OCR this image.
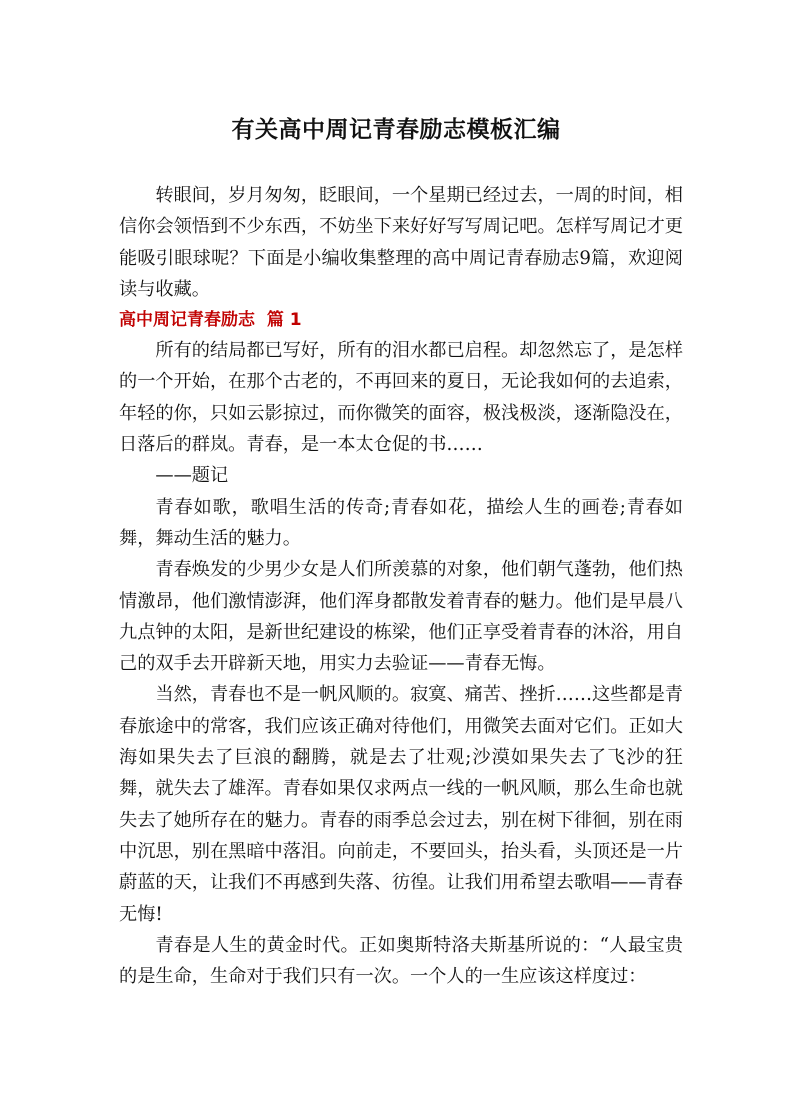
有关高中周记青春励志模板汇编

转眼间，岁月匆匆，眨眼间，一个星期已经过去，一周的时间，相信你会领悟到不少东西，不妨坐下来好好写写周记吧。怎样写周记才更能吸引眼球呢？下面是小编收集整理的高中周记青春励志9篇，欢迎阅读与收藏。

高中周记青春励志  篇 1

所有的结局都已写好，所有的泪水都已启程。却忽然忘了，是怎样的一个开始，在那个古老的，不再回来的夏日，无论我如何的去追索，年轻的你，只如云影掠过，而你微笑的面容，极浅极淡，逐渐隐没在，日落后的群岚。青春，是一本太仓促的书……

——题记

青春如歌，歌唱生活的传奇;青春如花，描绘人生的画卷;青春如舞，舞动生活的魅力。

青春焕发的少男少女是人们所羡慕的对象，他们朝气蓬勃，他们热情激昂，他们激情澎湃，他们浑身都散发着青春的魅力。他们是早晨八九点钟的太阳，是新世纪建设的栋梁，他们正享受着青春的沐浴，用自己的双手去开辟新天地，用实力去验证——青春无悔。

当然，青春也不是一帆风顺的。寂寞、痛苦、挫折……这些都是青春旅途中的常客，我们应该正确对待他们，用微笑去面对它们。正如大海如果失去了巨浪的翻腾，就是去了壮观;沙漠如果失去了飞沙的狂舞，就失去了雄浑。青春如果仅求两点一线的一帆风顺，那么生命也就失去了她所存在的魅力。青春的雨季总会过去，别在树下徘徊，别在雨中沉思，别在黑暗中落泪。向前走，不要回头，抬头看，头顶还是一片蔚蓝的天，让我们不再感到失落、彷徨。让我们用希望去歌唱——青春无悔!

青春是人生的黄金时代。正如奥斯特洛夫斯基所说的：“人最宝贵的是生命，生命对于我们只有一次。一个人的一生应该这样度过：
